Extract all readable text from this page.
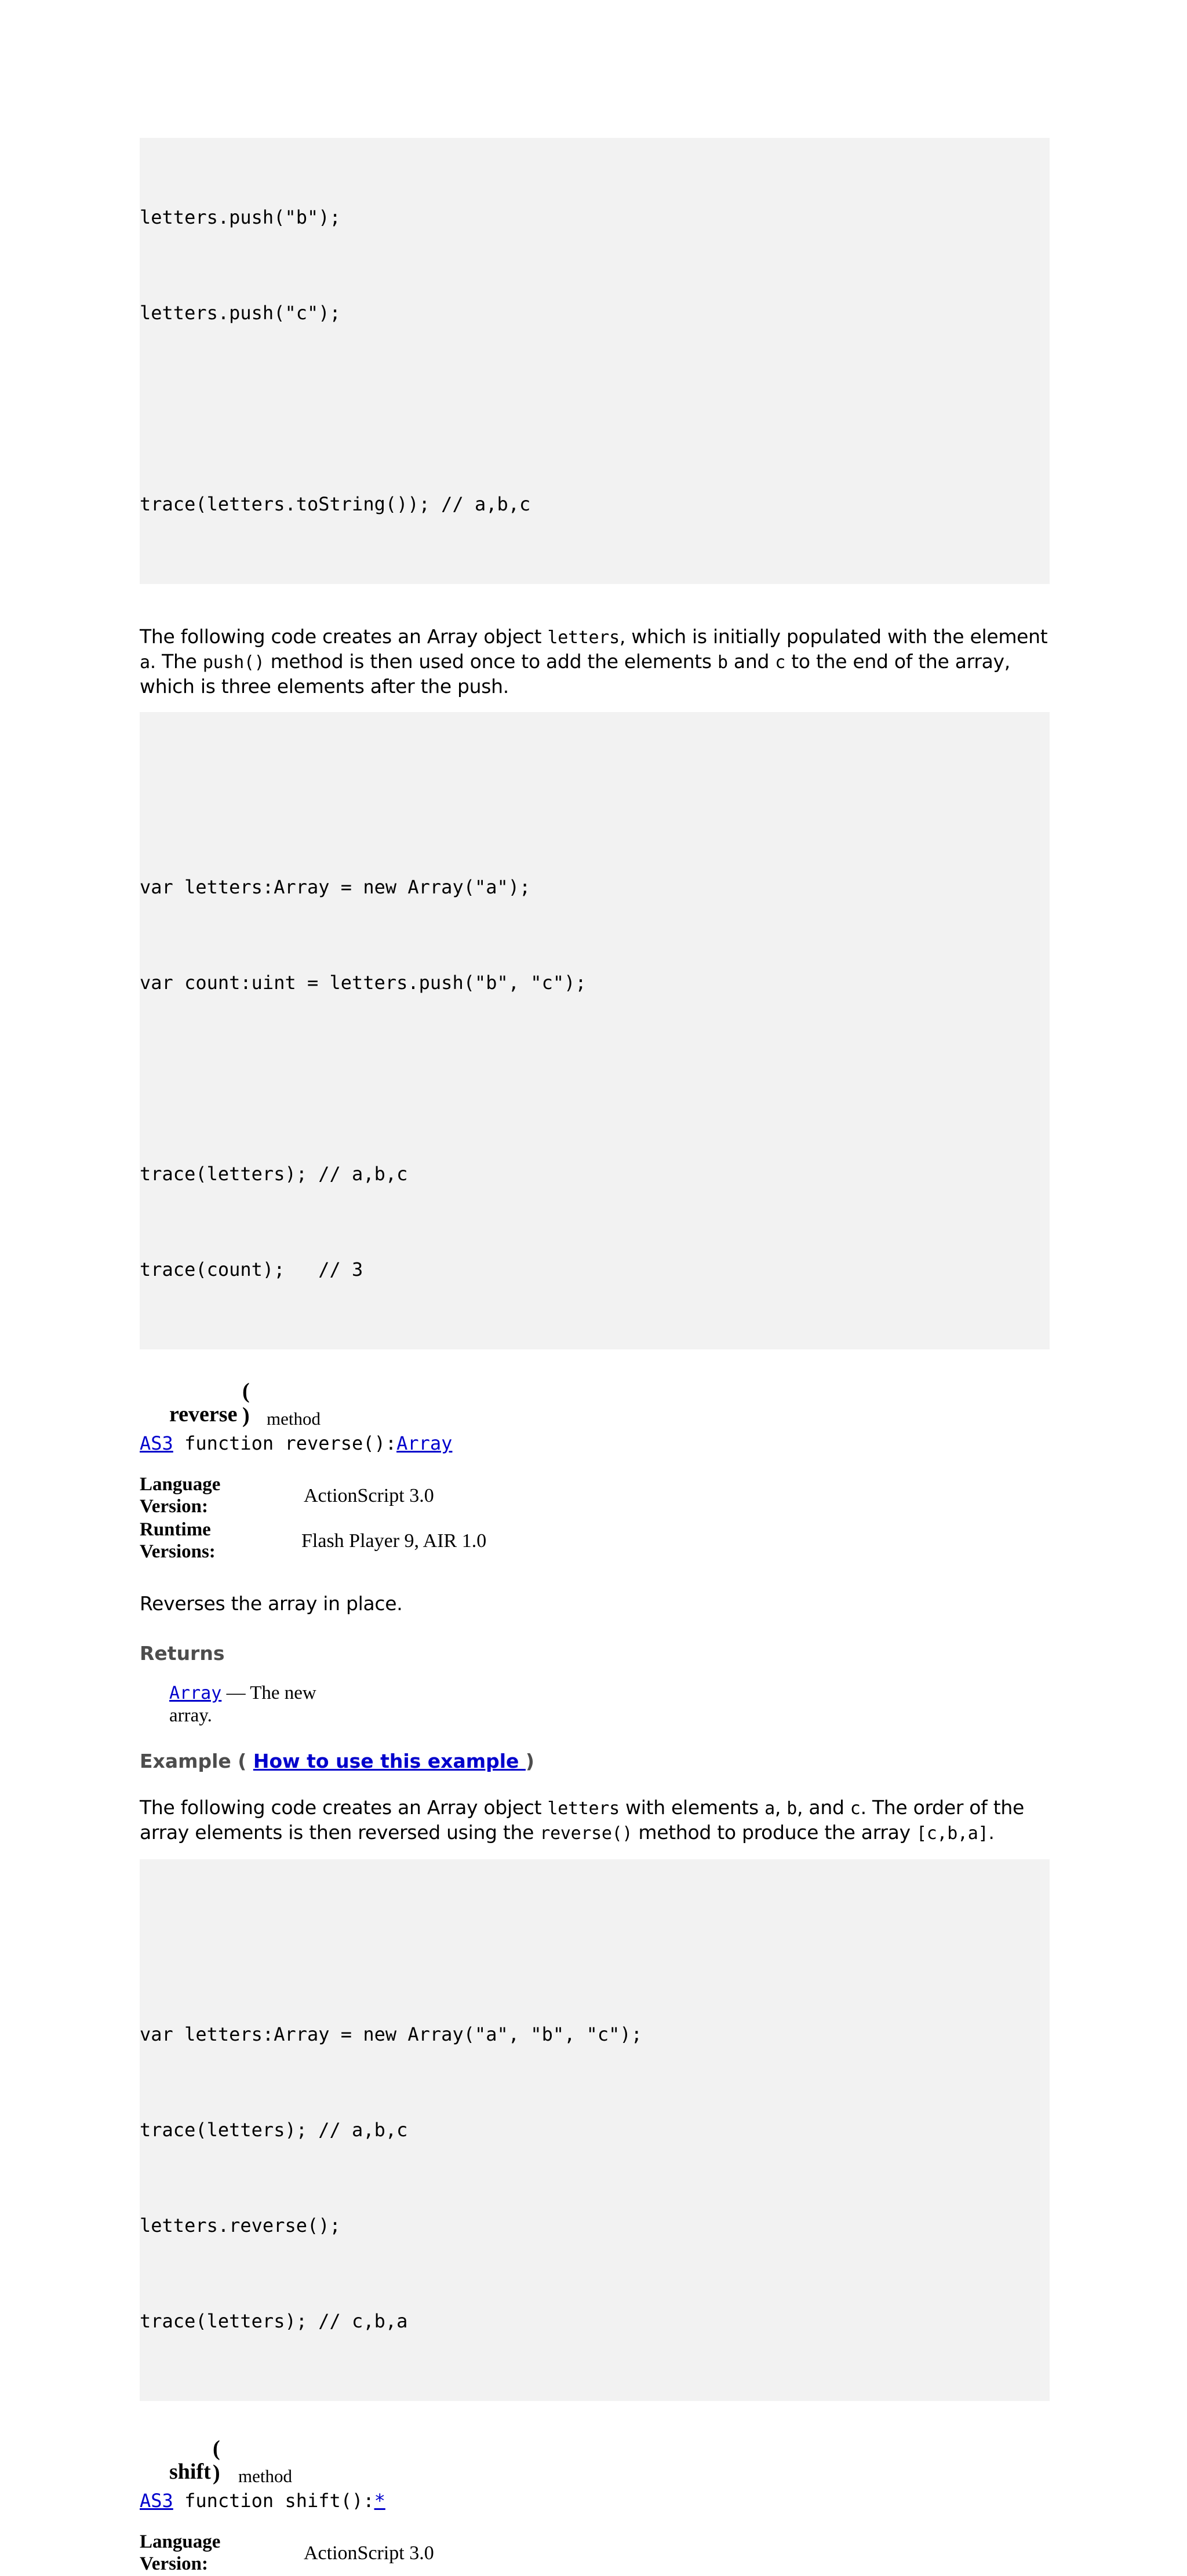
letters.push("b");

letters.push("c");

trace(letters.toString()); // a,b,c

The following code creates an Array object letters, which is initially populated with the element a. The push() method is then used once to add the elements b and c to the end of the array, which is three elements after the push.

var letters:Array = new Array("a");

var count:uint = letters.push("b", "c");

trace(letters); // a,b,c

trace(count);   // 3

(
reverse ) method
AS3 function reverse():Array
Language
Version:	ActionScript 3.0
Runtime
Versions:	Flash Player 9, AIR 1.0

Reverses the array in place.

Returns
Array — The new array.
Example ( How to use this example )

The following code creates an Array object letters with elements a, b, and c. The order of the array elements is then reversed using the reverse() method to produce the array [c,b,a].

var letters:Array = new Array("a", "b", "c");

trace(letters); // a,b,c

letters.reverse();

trace(letters); // c,b,a

(
shift ) method
AS3 function shift():*
Language
Version:	ActionScript 3.0
